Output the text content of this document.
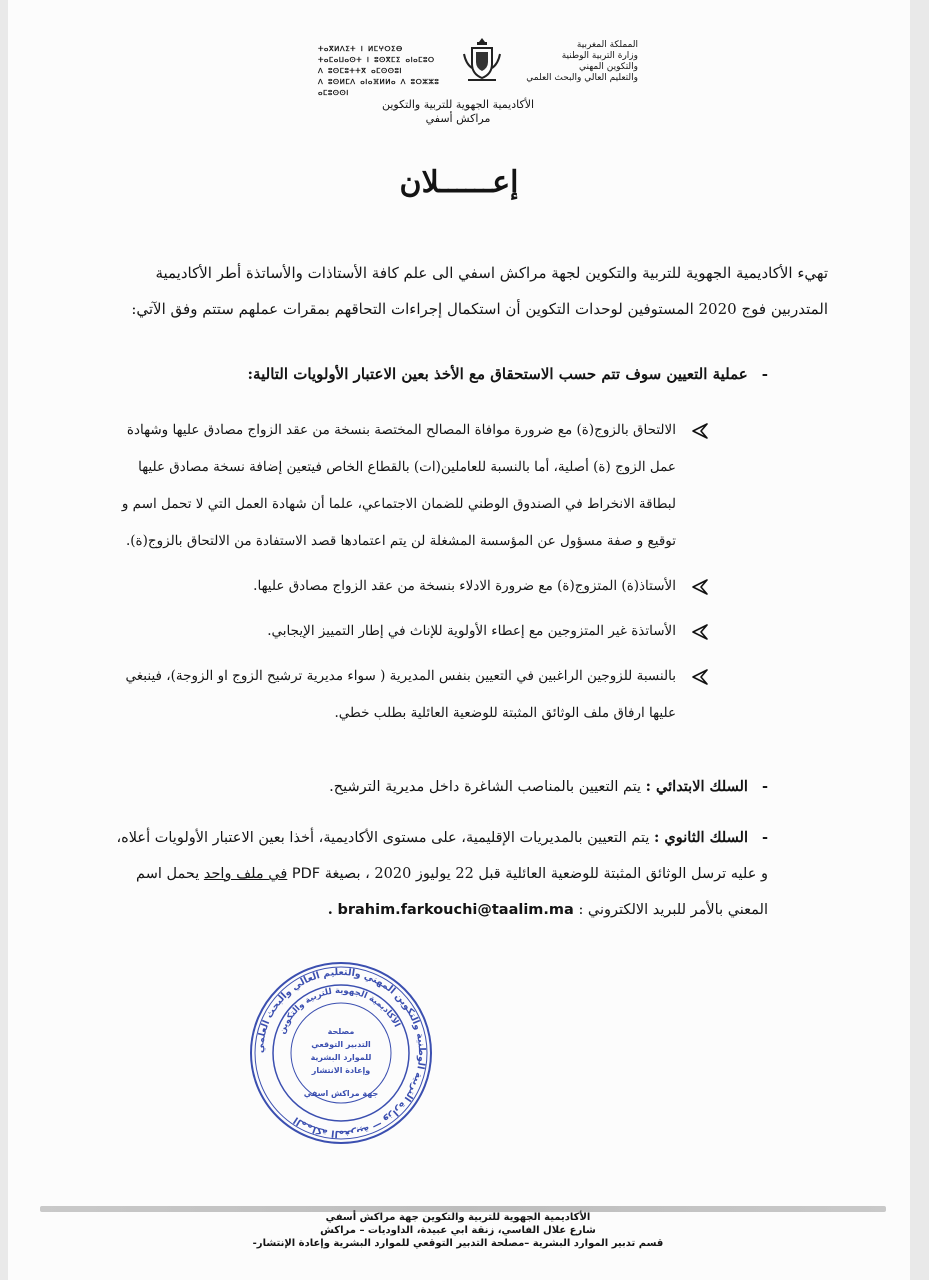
المملكة المغربية
وزارة التربية الوطنية
والتكوين المهني
والتعليم العالي والبحث العلمي
ⵜⴰⴳⵍⴷⵉⵜ ⵏ ⵍⵎⵖⵔⵉⴱ
ⵜⴰⵎⴰⵡⴰⵙⵜ ⵏ ⵓⵙⴳⵎⵉ ⴰⵏⴰⵎⵓⵔ
ⴷ ⵓⵙⵎⵓⵜⵜⴳ ⴰⵎⵙⵙⵓⵏ
ⴷ ⵓⵙⵍⵎⴷ ⴰⵏⴰⴼⵍⵍⴰ ⴷ ⵓⵔⵣⵣⵓ ⴰⵎⵓⵙⵙⵏ
الأكاديمية الجهوية للتربية والتكوين
مراكش أسفي
إعــــــلان
تهيء الأكاديمية الجهوية للتربية والتكوين لجهة مراكش اسفي الى علم كافة الأستاذات والأساتذة أطر الأكاديمية المتدربين فوج 2020 المستوفين لوحدات التكوين أن استكمال إجراءات التحاقهم بمقرات عملهم ستتم وفق الآتي:
-عملية التعيين سوف تتم حسب الاستحقاق مع الأخذ بعين الاعتبار الأولويات التالية:
الالتحاق بالزوج(ة) مع ضرورة موافاة المصالح المختصة بنسخة من عقد الزواج مصادق عليها وشهادة عمل الزوج (ة) أصلية، أما بالنسبة للعاملين(ات) بالقطاع الخاص فيتعين إضافة نسخة مصادق عليها لبطاقة الانخراط في الصندوق الوطني للضمان الاجتماعي، علما أن شهادة العمل التي لا تحمل اسم و توقيع و صفة مسؤول عن المؤسسة المشغلة لن يتم اعتمادها قصد الاستفادة من الالتحاق بالزوج(ة).
الأستاذ(ة) المتزوج(ة) مع ضرورة الادلاء بنسخة من عقد الزواج مصادق عليها.
الأساتذة غير المتزوجين مع إعطاء الأولوية للإناث في إطار التمييز الإيجابي.
بالنسبة للزوجين الراغبين في التعيين بنفس المديرية ( سواء مديرية ترشيح الزوج او الزوجة)، فينبغي عليها ارفاق ملف الوثائق المثبتة للوضعية العائلية بطلب خطي.
-السلك الابتدائي : يتم التعيين بالمناصب الشاغرة داخل مديرية الترشيح.
-السلك الثانوي : يتم التعيين بالمديريات الإقليمية، على مستوى الأكاديمية، أخذا بعين الاعتبار الأولويات أعلاه، و عليه ترسل الوثائق المثبتة للوضعية العائلية قبل 22 يوليوز 2020 ، بصيغة PDF في ملف واحد يحمل اسم المعني بالأمر للبريد الالكتروني : brahim.farkouchi@taalim.ma .
المملكة المغربية — وزارة التربية الوطنية والتكوين المهني والتعليم العالي والبحث العلمي
الأكاديمية الجهوية للتربية والتكوين
مصلحة
التدبير التوقعي
للموارد البشرية
وإعادة الانتشار
جهة مراكش اسفي
الأكاديمية الجهوية للتربية والتكوين جهة مراكش أسفي
شارع علال الفاسي، زنقة ابي عبيدة، الداوديات – مراكش
قسم تدبير الموارد البشرية –مصلحة التدبير التوقعي للموارد البشرية وإعادة الإنتشار-
